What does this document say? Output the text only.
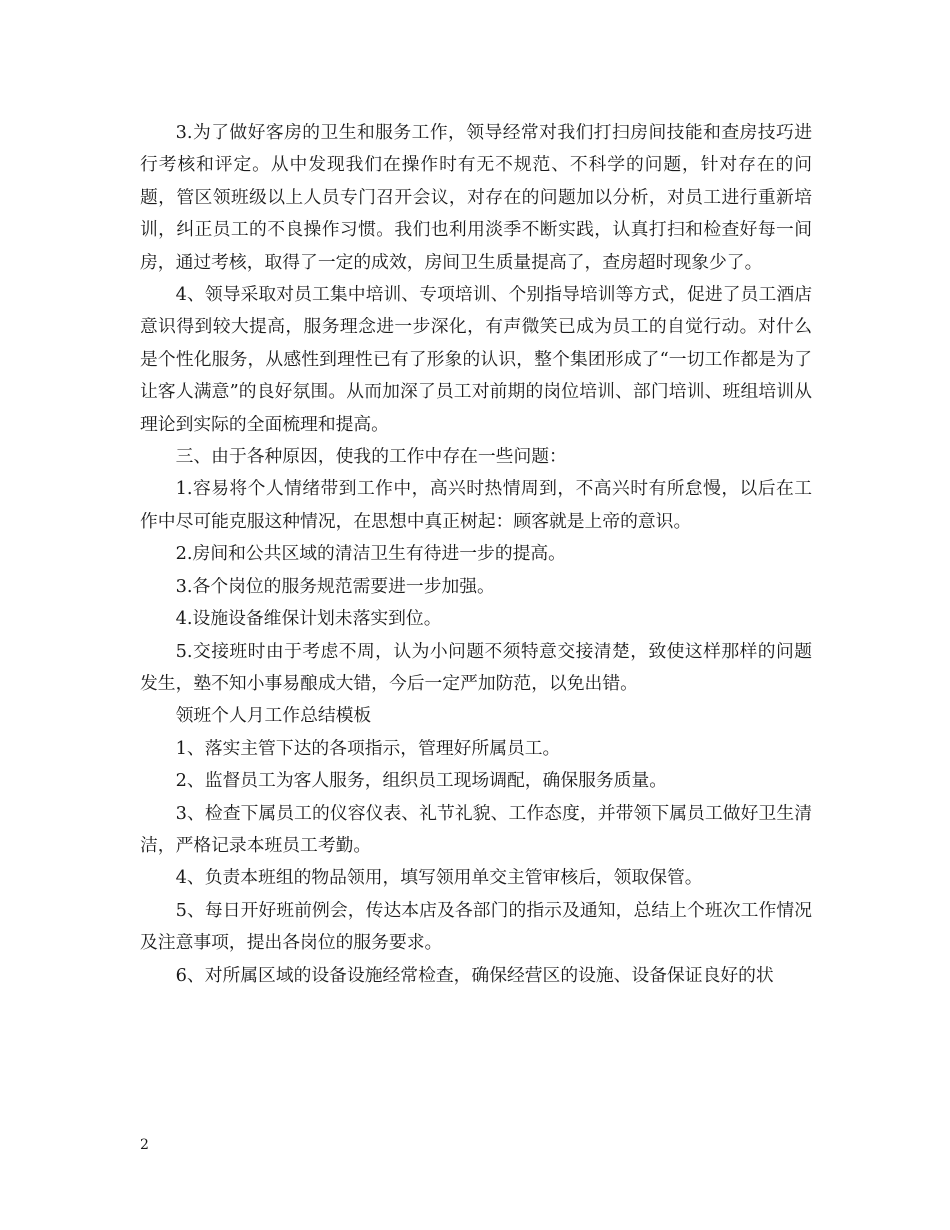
3.为了做好客房的卫生和服务工作，领导经常对我们打扫房间技能和查房技巧进行考核和评定。从中发现我们在操作时有无不规范、不科学的问题，针对存在的问题，管区领班级以上人员专门召开会议，对存在的问题加以分析，对员工进行重新培训，纠正员工的不良操作习惯。我们也利用淡季不断实践，认真打扫和检查好每一间房，通过考核，取得了一定的成效，房间卫生质量提高了，查房超时现象少了。

4、领导采取对员工集中培训、专项培训、个别指导培训等方式，促进了员工酒店意识得到较大提高，服务理念进一步深化，有声微笑已成为员工的自觉行动。对什么是个性化服务，从感性到理性已有了形象的认识，整个集团形成了“一切工作都是为了让客人满意”的良好氛围。从而加深了员工对前期的岗位培训、部门培训、班组培训从理论到实际的全面梳理和提高。

三、由于各种原因，使我的工作中存在一些问题：

1.容易将个人情绪带到工作中，高兴时热情周到，不高兴时有所怠慢，以后在工作中尽可能克服这种情况，在思想中真正树起：顾客就是上帝的意识。

2.房间和公共区域的清洁卫生有待进一步的提高。

3.各个岗位的服务规范需要进一步加强。

4.设施设备维保计划未落实到位。

5.交接班时由于考虑不周，认为小问题不须特意交接清楚，致使这样那样的问题发生，塾不知小事易酿成大错，今后一定严加防范，以免出错。

领班个人月工作总结模板

1、落实主管下达的各项指示，管理好所属员工。

2、监督员工为客人服务，组织员工现场调配，确保服务质量。

3、检查下属员工的仪容仪表、礼节礼貌、工作态度，并带领下属员工做好卫生清洁，严格记录本班员工考勤。

4、负责本班组的物品领用，填写领用单交主管审核后，领取保管。

5、每日开好班前例会，传达本店及各部门的指示及通知，总结上个班次工作情况及注意事项，提出各岗位的服务要求。

6、对所属区域的设备设施经常检查，确保经营区的设施、设备保证良好的状

2
